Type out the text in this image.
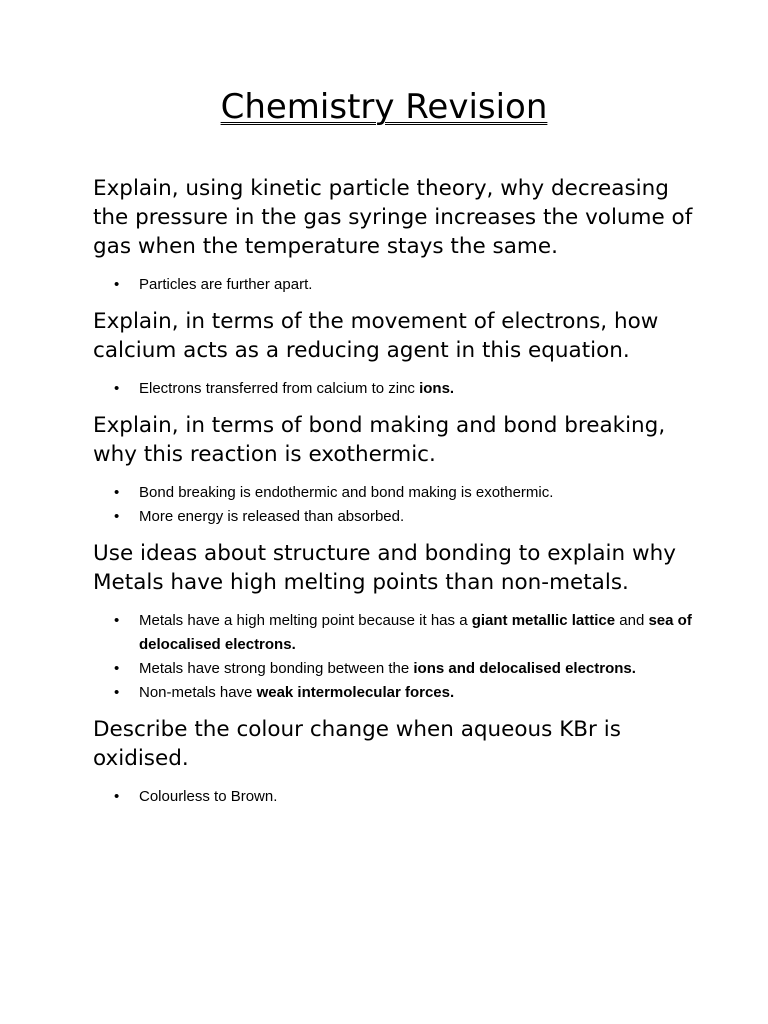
Chemistry Revision

Explain, using kinetic particle theory, why decreasing the pressure in the gas syringe increases the volume of gas when the temperature stays the same.

• Particles are further apart.

Explain, in terms of the movement of electrons, how calcium acts as a reducing agent in this equation.

• Electrons transferred from calcium to zinc ions.

Explain, in terms of bond making and bond breaking, why this reaction is exothermic.

• Bond breaking is endothermic and bond making is exothermic.
• More energy is released than absorbed.

Use ideas about structure and bonding to explain why Metals have high melting points than non-metals.

• Metals have a high melting point because it has a giant metallic lattice and sea of delocalised electrons.
• Metals have strong bonding between the ions and delocalised electrons.
• Non-metals have weak intermolecular forces.

Describe the colour change when aqueous KBr is oxidised.

• Colourless to Brown.
